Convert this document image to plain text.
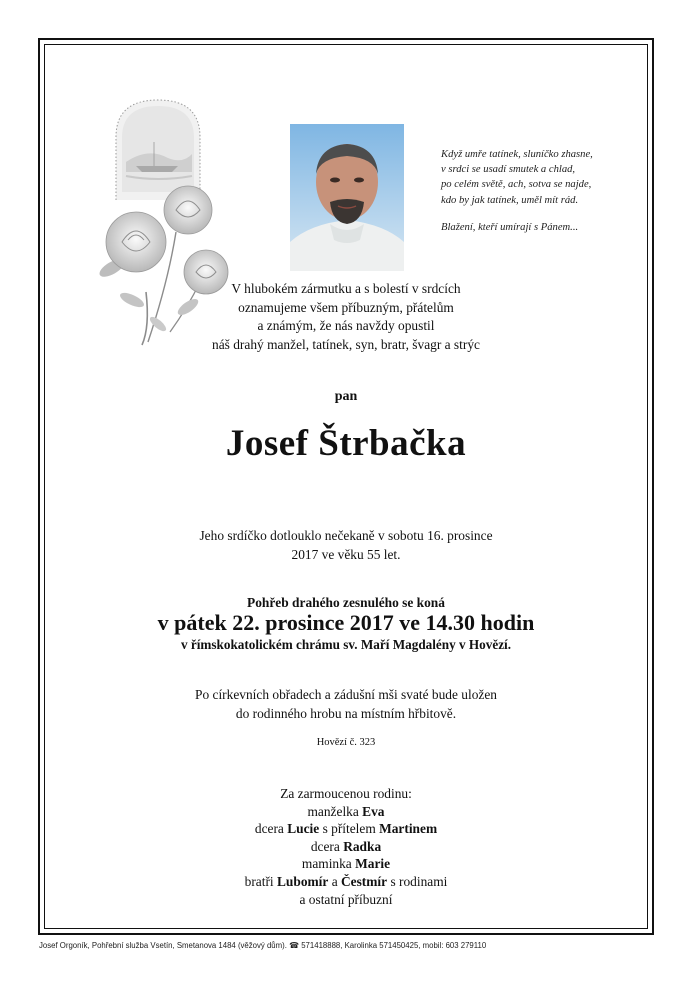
Když umře tatínek, sluníčko zhasne,

v srdci se usadí smutek a chlad,

po celém světě, ach, sotva se najde,

kdo by jak tatínek, uměl mít rád.

Blažení, kteří umírají s Pánem...

V hlubokém zármutku a s bolestí v srdcích

oznamujeme všem příbuzným, přátelům

a známým, že nás navždy opustil

náš drahý manžel, tatínek, syn, bratr, švagr a strýc

pan
Josef Štrbačka

Jeho srdíčko dotlouklo nečekaně v sobotu 16. prosince

2017 ve věku 55 let.

Pohřeb drahého zesnulého se koná
v pátek 22. prosince 2017 ve 14.30 hodin
v římskokatolickém chrámu sv. Maří Magdalény v Hovězí.

Po církevních obřadech a zádušní mši svaté bude uložen

do rodinného hrobu na místním hřbitově.

Hovězí č. 323

Za zarmoucenou rodinu:

manželka Eva

dcera Lucie s přítelem Martinem

dcera Radka

maminka Marie

bratři Lubomír a Čestmír s rodinami

a ostatní příbuzní

Josef Orgoník, Pohřební služba Vsetín, Smetanova 1484 (věžový dům). ☎ 571418888, Karolinka 571450425, mobil: 603 279110
